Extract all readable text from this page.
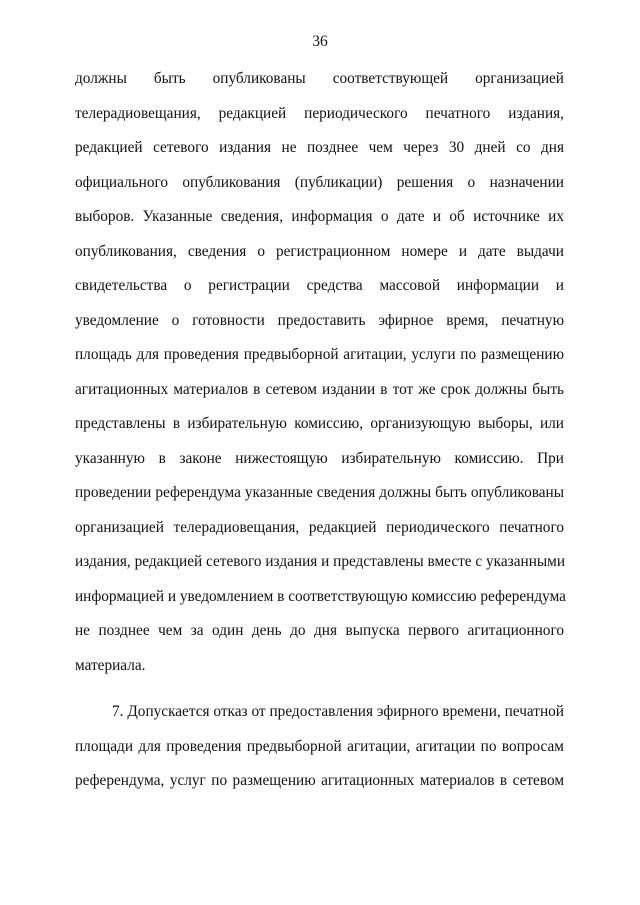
36
должны быть опубликованы соответствующей организацией
телерадиовещания, редакцией периодического печатного издания,
редакцией сетевого издания не позднее чем через 30 дней со дня
официального опубликования (публикации) решения о назначении
выборов. Указанные сведения, информация о дате и об источнике их
опубликования, сведения о регистрационном номере и дате выдачи
свидетельства о регистрации средства массовой информации и
уведомление о готовности предоставить эфирное время, печатную
площадь для проведения предвыборной агитации, услуги по размещению
агитационных материалов в сетевом издании в тот же срок должны быть
представлены в избирательную комиссию, организующую выборы, или
указанную в законе нижестоящую избирательную комиссию. При
проведении референдума указанные сведения должны быть опубликованы
организацией телерадиовещания, редакцией периодического печатного
издания, редакцией сетевого издания и представлены вместе с указанными
информацией и уведомлением в соответствующую комиссию референдума
не позднее чем за один день до дня выпуска первого агитационного
материала.
7. Допускается отказ от предоставления эфирного времени, печатной
площади для проведения предвыборной агитации, агитации по вопросам
референдума, услуг по размещению агитационных материалов в сетевом
